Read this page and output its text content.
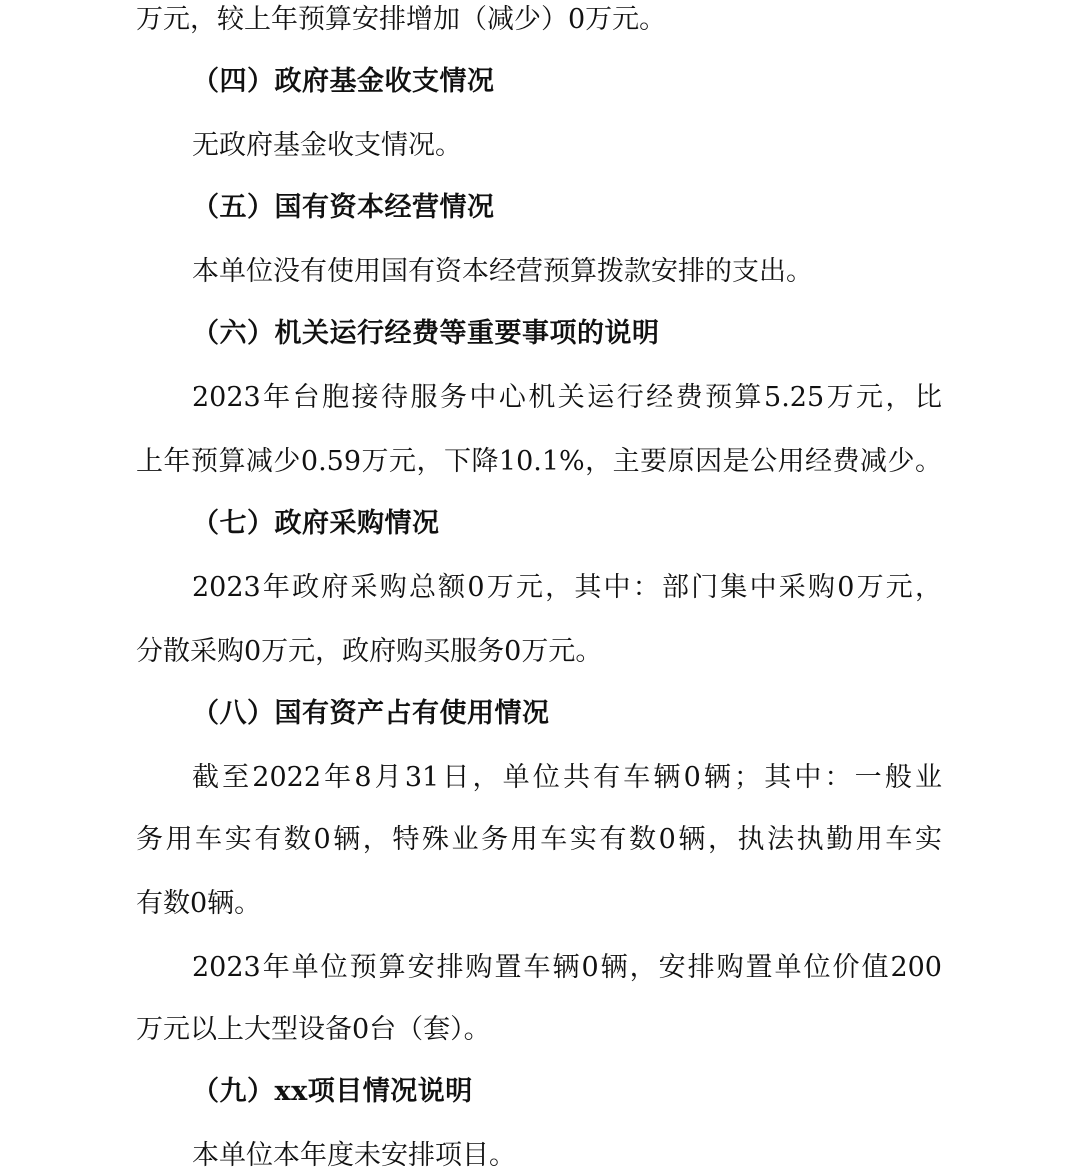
万元，较上年预算安排增加（减少）0万元。
（四）政府基金收支情况
无政府基金收支情况。
（五）国有资本经营情况
本单位没有使用国有资本经营预算拨款安排的支出。
（六）机关运行经费等重要事项的说明
2023年台胞接待服务中心机关运行经费预算5.25万元，比
上年预算减少0.59万元，下降10.1%，主要原因是公用经费减少。
（七）政府采购情况
2023年政府采购总额0万元，其中：部门集中采购0万元，
分散采购0万元，政府购买服务0万元。
（八）国有资产占有使用情况
截至2022年8月31日，单位共有车辆0辆；其中：一般业
务用车实有数0辆，特殊业务用车实有数0辆，执法执勤用车实
有数0辆。
2023年单位预算安排购置车辆0辆，安排购置单位价值200
万元以上大型设备0台（套）。
（九）xx项目情况说明
本单位本年度未安排项目。
